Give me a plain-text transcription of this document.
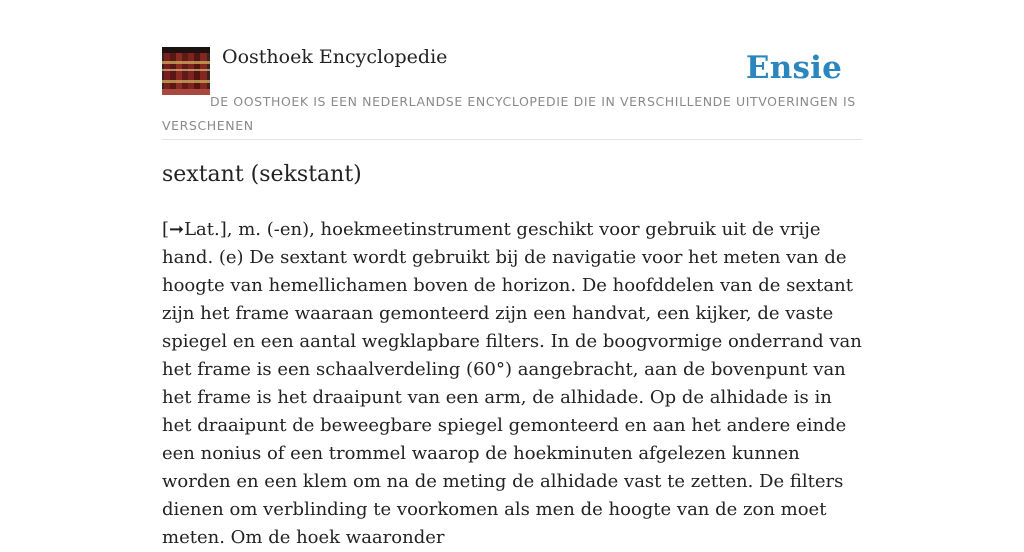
Oosthoek Encyclopedie	Ensie

DE OOSTHOEK IS EEN NEDERLANDSE ENCYCLOPEDIE DIE IN VERSCHILLENDE UITVOERINGEN IS VERSCHENEN

sextant (sekstant)

[➞Lat.], m. (-en), hoekmeetinstrument geschikt voor gebruik uit de vrije hand. (e) De sextant wordt gebruikt bij de navigatie voor het meten van de hoogte van hemellichamen boven de horizon. De hoofddelen van de sextant zijn het frame waaraan gemonteerd zijn een handvat, een kijker, de vaste spiegel en een aantal wegklapbare filters. In de boogvormige onderrand van het frame is een schaalverdeling (60°) aangebracht, aan de bovenpunt van het frame is het draaipunt van een arm, de alhidade. Op de alhidade is in het draaipunt de beweegbare spiegel gemonteerd en aan het andere einde een nonius of een trommel waarop de hoekminuten afgelezen kunnen worden en een klem om na de meting de alhidade vast te zetten. De filters dienen om verblinding te voorkomen als men de hoogte van de zon moet meten. Om de hoek waaronder
